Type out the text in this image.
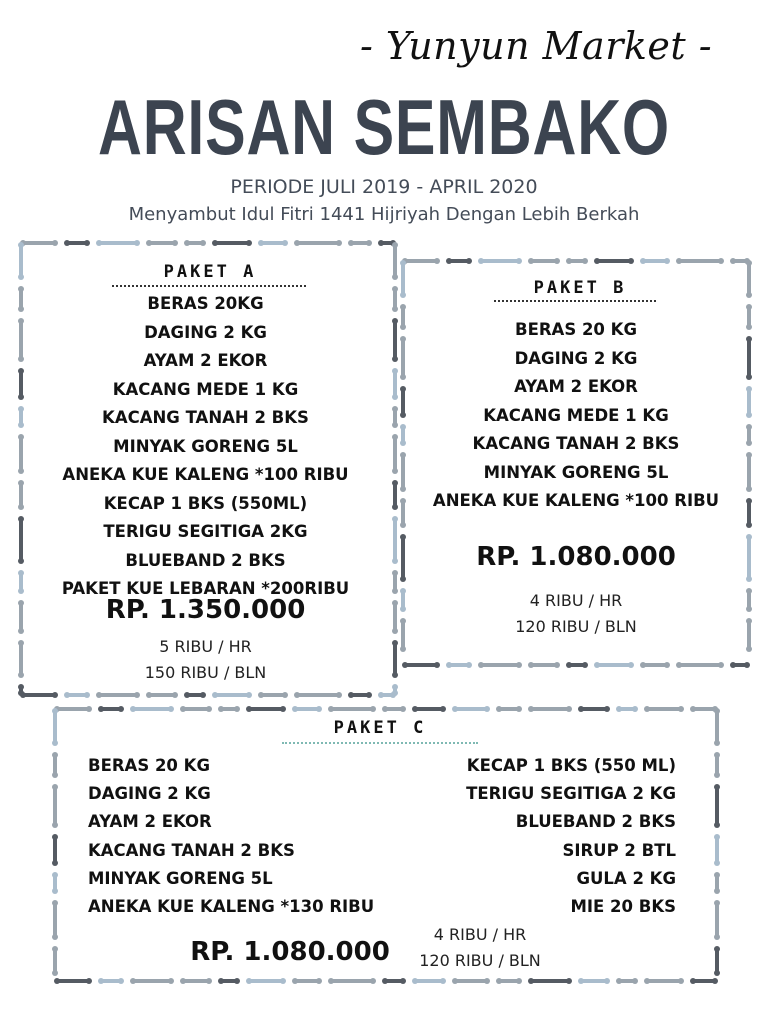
- Yunyun Market -
ARISAN SEMBAKO
PERIODE JULI 2019 - APRIL 2020
Menyambut Idul Fitri 1441 Hijriyah Dengan Lebih Berkah
PAKET A
BERAS 20KG
DAGING 2 KG
AYAM 2 EKOR
KACANG MEDE 1 KG
KACANG TANAH 2 BKS
MINYAK GORENG 5L
ANEKA KUE KALENG *100 RIBU
KECAP 1 BKS (550ML)
TERIGU SEGITIGA 2KG
BLUEBAND 2 BKS
PAKET KUE LEBARAN *200RIBU
RP. 1.350.000
5 RIBU / HR
150 RIBU / BLN
PAKET B
BERAS 20 KG
DAGING 2 KG
AYAM 2 EKOR
KACANG MEDE 1 KG
KACANG TANAH 2 BKS
MINYAK GORENG 5L
ANEKA KUE KALENG *100 RIBU
RP. 1.080.000
4 RIBU / HR
120 RIBU / BLN
PAKET C
BERAS 20 KG
DAGING 2 KG
AYAM 2 EKOR
KACANG TANAH 2 BKS
MINYAK GORENG 5L
ANEKA KUE KALENG *130 RIBU
KECAP 1 BKS (550 ML)
TERIGU SEGITIGA 2 KG
BLUEBAND 2 BKS
SIRUP 2 BTL
GULA 2 KG
MIE 20 BKS
RP. 1.080.000
4 RIBU / HR
120 RIBU / BLN
